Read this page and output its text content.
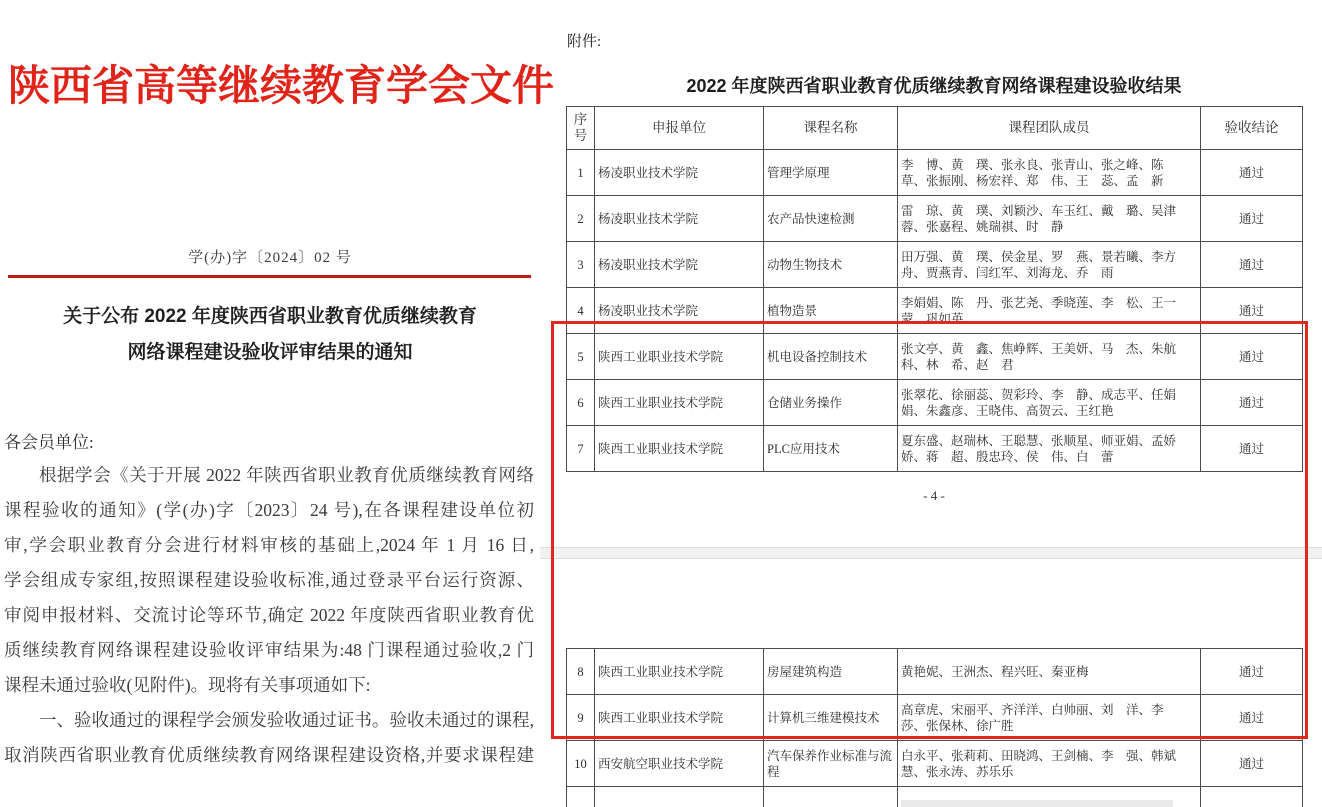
陕西省高等继续教育学会文件
学(办)字〔2024〕02 号
关于公布 2022 年度陕西省职业教育优质继续教育
网络课程建设验收评审结果的通知
各会员单位:
根据学会《关于开展 2022 年陕西省职业教育优质继续教育网络
课程验收的通知》(学(办)字〔2023〕24 号),在各课程建设单位初
审,学会职业教育分会进行材料审核的基础上,2024 年 1 月 16 日,
学会组成专家组,按照课程建设验收标准,通过登录平台运行资源、
审阅申报材料、交流讨论等环节,确定 2022 年度陕西省职业教育优
质继续教育网络课程建设验收评审结果为:48 门课程通过验收,2 门
课程未通过验收(见附件)。现将有关事项通如下:
一、验收通过的课程学会颁发验收通过证书。验收未通过的课程,
取消陕西省职业教育优质继续教育网络课程建设资格,并要求课程建
附件:
2022 年度陕西省职业教育优质继续教育网络课程建设验收结果
序号	申报单位	课程名称	课程团队成员	验收结论
1	杨凌职业技术学院	管理学原理	李　博、黄　璞、张永良、张青山、张之峰、陈　草、张振刚、杨宏祥、郑　伟、王　蕊、孟　新	通过
2	杨凌职业技术学院	农产品快速检测	雷　琼、黄　璞、刘颖沙、车玉红、戴　璐、吴津蓉、张嘉程、姚瑞祺、时　静	通过
3	杨凌职业技术学院	动物生物技术	田万强、黄　璞、侯金星、罗　燕、景若曦、李方舟、贾燕青、闫红军、刘海龙、乔　雨	通过
4	杨凌职业技术学院	植物造景	李娟娟、陈　丹、张艺尧、季晓莲、李　松、王一蒙、巩如英	通过
5	陕西工业职业技术学院	机电设备控制技术	张文亭、黄　鑫、焦峥辉、王美妍、马　杰、朱航科、林　希、赵　君	通过
6	陕西工业职业技术学院	仓储业务操作	张翠花、徐丽蕊、贺彩玲、李　静、成志平、任娟娟、朱鑫彦、王晓伟、高贺云、王红艳	通过
7	陕西工业职业技术学院	PLC应用技术	夏东盛、赵瑞林、王聪慧、张顺星、师亚娟、孟娇娇、蒋　超、殷忠玲、侯　伟、白　蕾	通过
- 4 -
8	陕西工业职业技术学院	房屋建筑构造	黄艳妮、王洲杰、程兴旺、秦亚梅	通过
9	陕西工业职业技术学院	计算机三维建模技术	高章虎、宋丽平、齐洋洋、白帅丽、刘　洋、李　莎、张保林、徐广胜	通过
10	西安航空职业技术学院	汽车保养作业标准与流程	白永平、张莉莉、田晓鸿、王剑楠、李　强、韩斌慧、张永涛、苏乐乐	通过
